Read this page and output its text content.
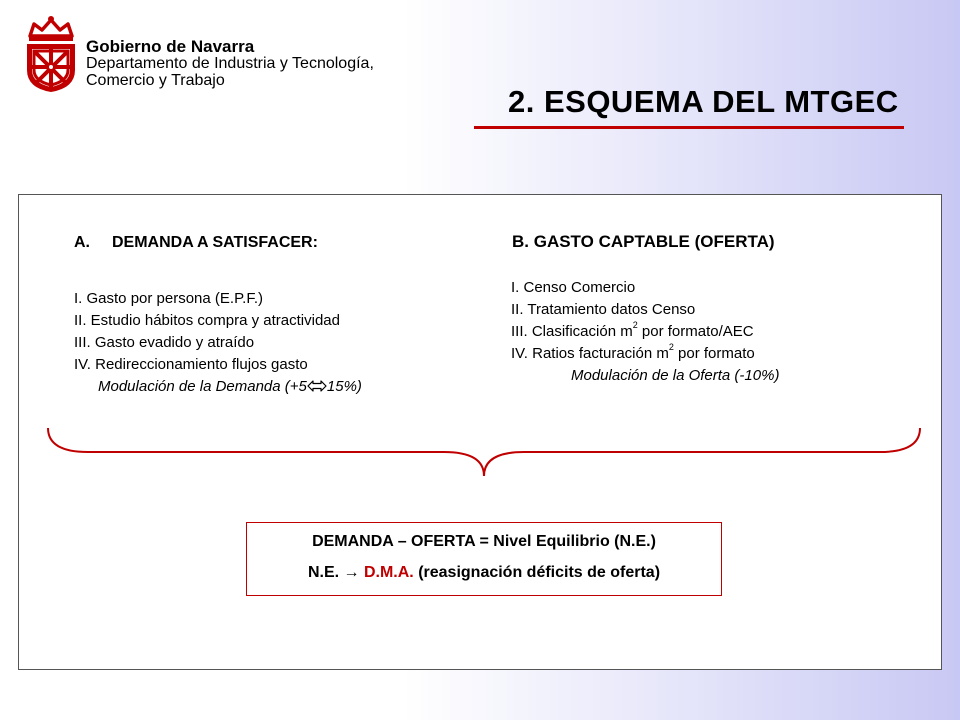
Gobierno de Navarra
Departamento de Industria y Tecnología,
Comercio y Trabajo
2. ESQUEMA DEL MTGEC
A. DEMANDA A SATISFACER:
I. Gasto por persona (E.P.F.)
II. Estudio hábitos compra y atractividad
III. Gasto evadido y atraído
IV. Redireccionamiento flujos gasto
Modulación de la Demanda (+5 15%)
B. GASTO CAPTABLE (OFERTA)
I. Censo Comercio
II. Tratamiento datos Censo
III. Clasificación $m^2$ por formato/AEC
IV. Ratios facturación $m^2$ por formato
Modulación de la Oferta (-10%)
DEMANDA – OFERTA = Nivel Equilibrio (N.E.)
N.E. → D.M.A. (reasignación déficits de oferta)
